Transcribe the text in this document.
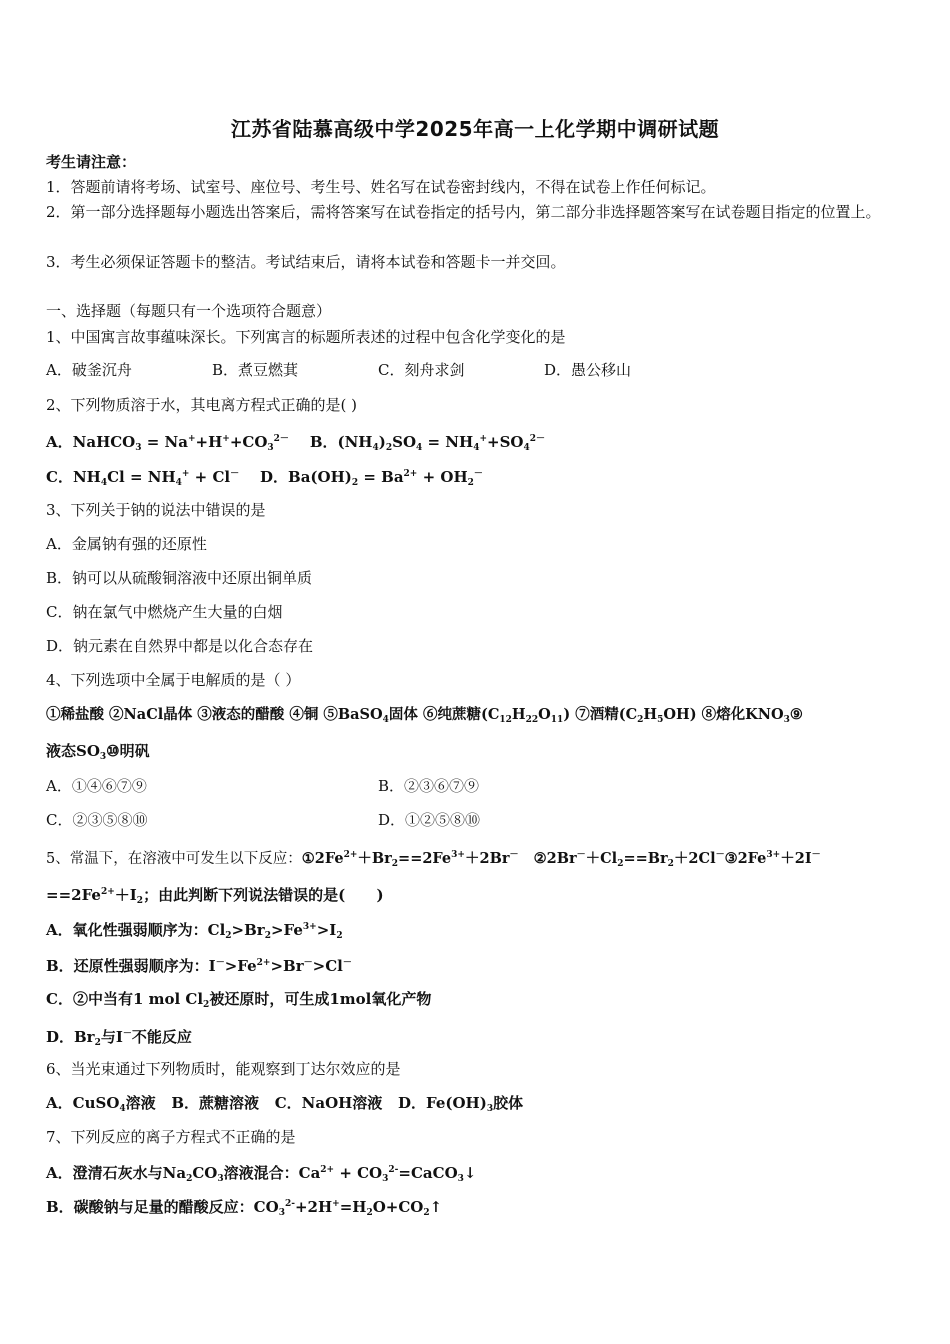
江苏省陆慕高级中学2025年高一上化学期中调研试题
考生请注意：
1．答题前请将考场、试室号、座位号、考生号、姓名写在试卷密封线内，不得在试卷上作任何标记。
2．第一部分选择题每小题选出答案后，需将答案写在试卷指定的括号内，第二部分非选择题答案写在试卷题目指定的位置上。
3．考生必须保证答题卡的整洁。考试结束后，请将本试卷和答题卡一并交回。
一、选择题（每题只有一个选项符合题意）
1、中国寓言故事蕴味深长。下列寓言的标题所表述的过程中包含化学变化的是
A．破釜沉舟	B．煮豆燃萁	C．刻舟求剑	D．愚公移山
2、下列物质溶于水，其电离方程式正确的是( )
A．NaHCO$_3$ = $Na^++H^++CO_3^{2-}$ B．$(NH_4)_2SO_4 = NH_4^++SO_4^{2-}$
C．$NH_4Cl = NH_4^+ + Cl^-$ D．$Ba(OH)_2 = Ba^{2+} + OH_2^-$
3、下列关于钠的说法中错误的是
A．金属钠有强的还原性
B．钠可以从硫酸铜溶液中还原出铜单质
C．钠在氯气中燃烧产生大量的白烟
D．钠元素在自然界中都是以化合态存在
4、下列选项中全属于电解质的是（ ）
①稀盐酸 ②NaCl晶体 ③液态的醋酸 ④铜 ⑤BaSO$_4$固体 ⑥纯蔗糖$(C_{12}H_{22}O_{11})$ ⑦酒精$(C_2H_5OH)$ ⑧熔化$KNO_3⑨$
液态$SO_3⑩$明矾
A．①④⑥⑦⑨	B．②③⑥⑦⑨
C．②③⑤⑧⑩	D．①②⑤⑧⑩
5、常温下，在溶液中可发生以下反应：$①2Fe^{2+}+Br_2==2Fe^{3+}+2Br^-$   $②2Br^-+Cl_2==Br_2+2Cl^-③2Fe^{3+}+2I^-$
$==2Fe^{2+}+I_2$；由此判断下列说法错误的是(      )
A．氧化性强弱顺序为：$Cl_2>Br_2>Fe^{3+}>I_2$
B．还原性强弱顺序为：$I^->Fe^{2+}>Br^->Cl^-$
C．②中当有1 mol $Cl_2$被还原时，可生成1mol氧化产物
D．$Br_2$与I－不能反应
6、当光束通过下列物质时，能观察到丁达尔效应的是
A．CuSO$_4$溶液 B．蔗糖溶液 C．NaOH溶液 D．$Fe(OH)_3$胶体
7、下列反应的离子方程式不正确的是
A．澄清石灰水与$Na_2CO_3$溶液混合：$Ca^{2+}$ + $CO_3^{2-}=CaCO_3↓$
B．碳酸钠与足量的醋酸反应：$CO_3^{2-}+2H^+=H_2O+CO_2↑$
